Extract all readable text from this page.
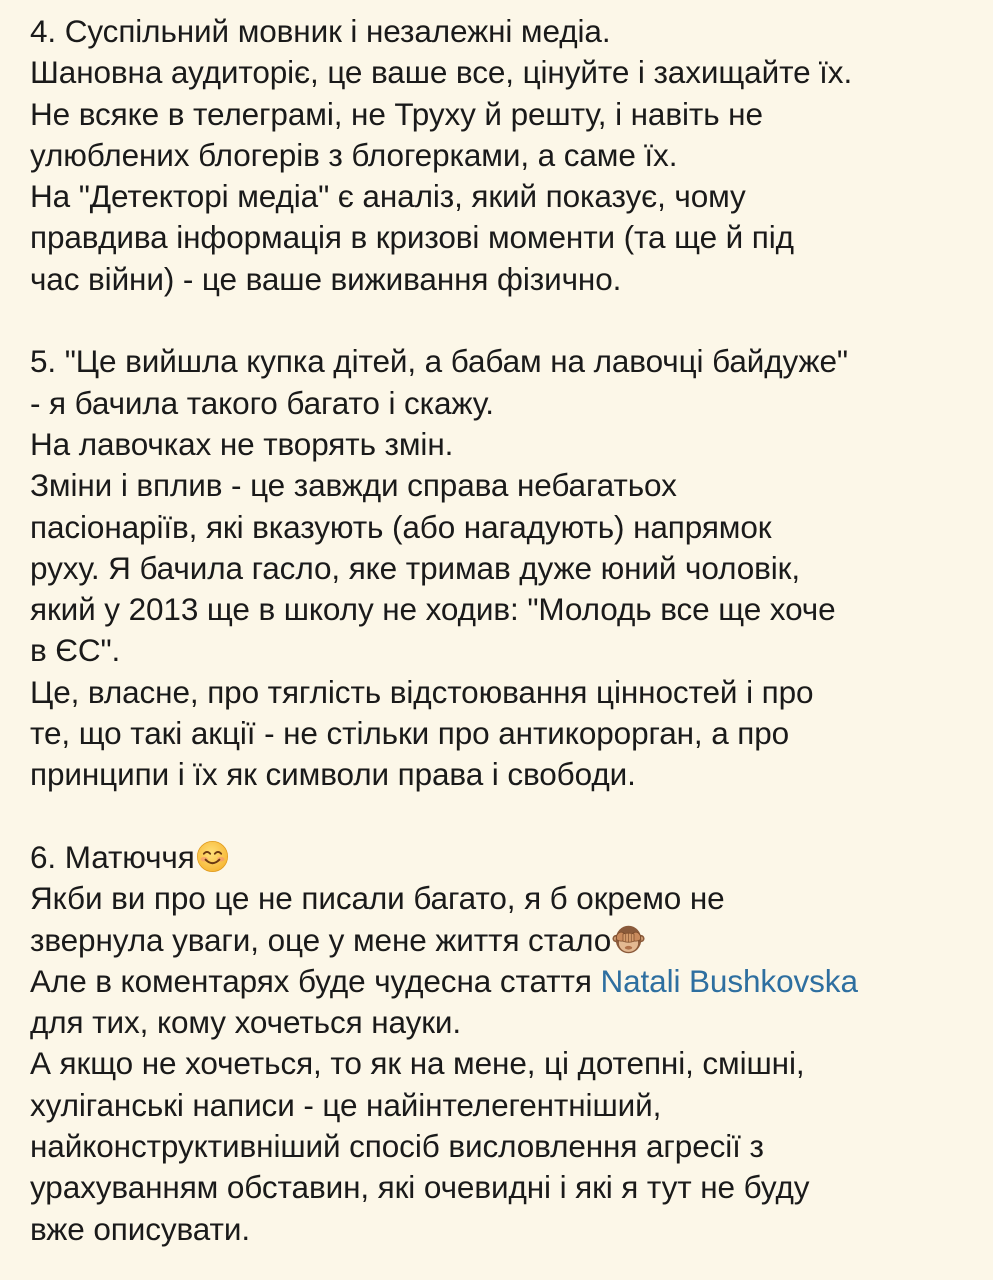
4. Суспільний мовник і незалежні медіа.
Шановна аудиторіє, це ваше все, цінуйте і захищайте їх.
Не всяке в телеграмі, не Труху й решту, і навіть не
улюблених блогерів з блогерками, а саме їх.
На "Детекторі медіа" є аналіз, який показує, чому
правдива інформація в кризові моменти (та ще й під
час війни) - це ваше виживання фізично.
5. "Це вийшла купка дітей, а бабам на лавочці байдуже"
- я бачила такого багато і скажу.
На лавочках не творять змін.
Зміни і вплив - це завжди справа небагатьох
пасіонаріїв, які вказують (або нагадують) напрямок
руху. Я бачила гасло, яке тримав дуже юний чоловік,
який у 2013 ще в школу не ходив: "Молодь все ще хоче
в ЄС".
Це, власне, про тяглість відстоювання цінностей і про
те, що такі акції - не стільки про антикорорган, а про
принципи і їх як символи права і свободи.
6. Матюччя
Якби ви про це не писали багато, я б окремо не
звернула уваги, оце у мене життя стало
Але в коментарях буде чудесна стаття Natali Bushkovska
для тих, кому хочеться науки.
А якщо не хочеться, то як на мене, ці дотепні, смішні,
хуліганські написи - це найінтелегентніший,
найконструктивніший спосіб висловлення агресії з
урахуванням обставин, які очевидні і які я тут не буду
вже описувати.
